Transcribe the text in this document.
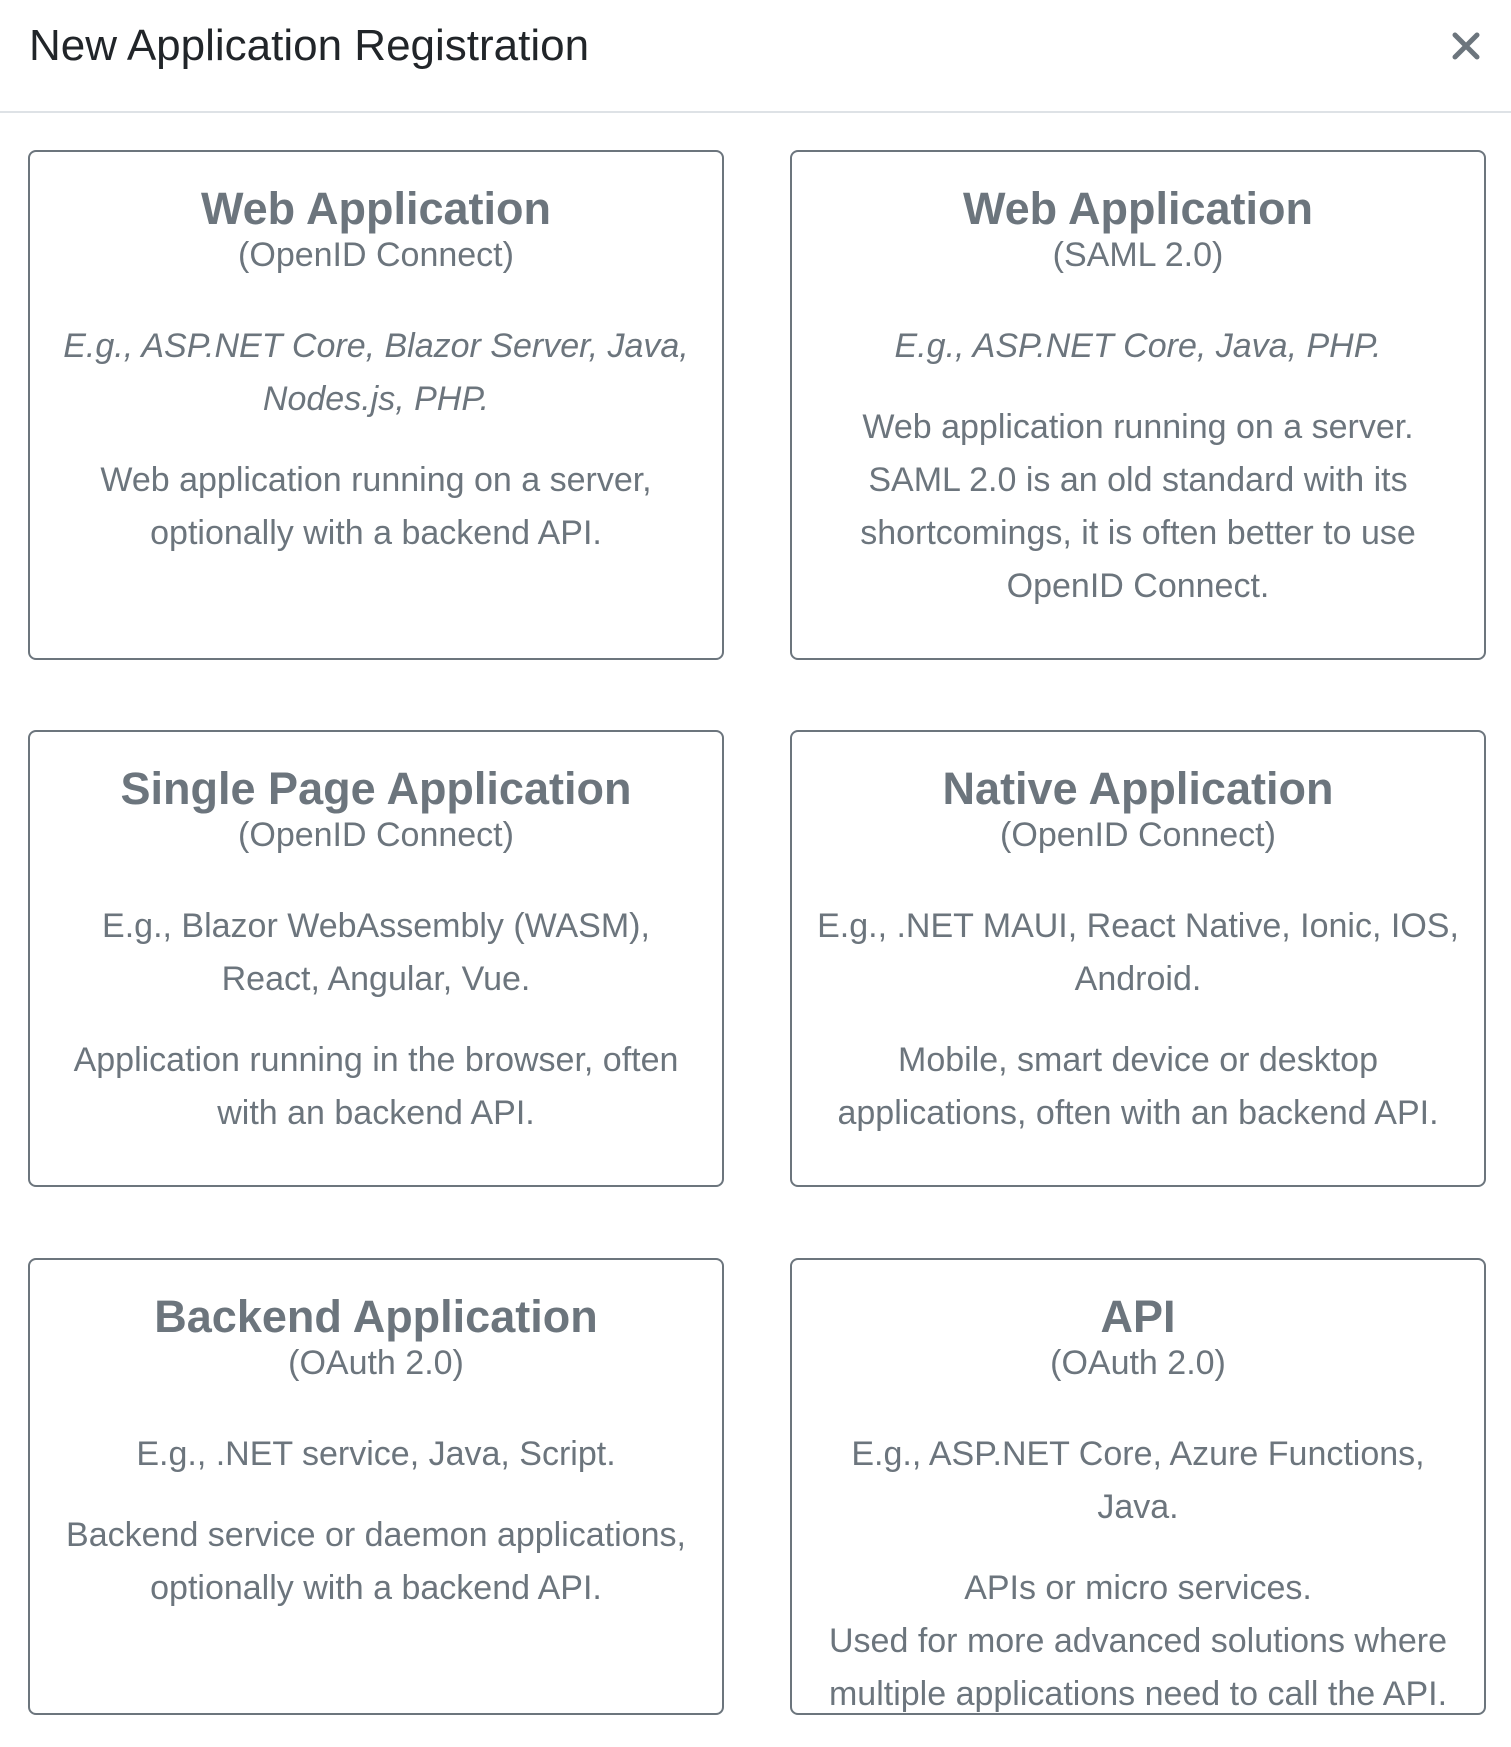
New Application Registration
Web Application
(OpenID Connect)
E.g., ASP.NET Core, Blazor Server, Java, Nodes.js, PHP.
Web application running on a server, optionally with a backend API.
Web Application
(SAML 2.0)
E.g., ASP.NET Core, Java, PHP.
Web application running on a server. SAML 2.0 is an old standard with its shortcomings, it is often better to use OpenID Connect.
Single Page Application
(OpenID Connect)
E.g., Blazor WebAssembly (WASM), React, Angular, Vue.
Application running in the browser, often with an backend API.
Native Application
(OpenID Connect)
E.g., .NET MAUI, React Native, Ionic, IOS, Android.
Mobile, smart device or desktop applications, often with an backend API.
Backend Application
(OAuth 2.0)
E.g., .NET service, Java, Script.
Backend service or daemon applications, optionally with a backend API.
API
(OAuth 2.0)
E.g., ASP.NET Core, Azure Functions, Java.
APIs or micro services.
Used for more advanced solutions where multiple applications need to call the API.
